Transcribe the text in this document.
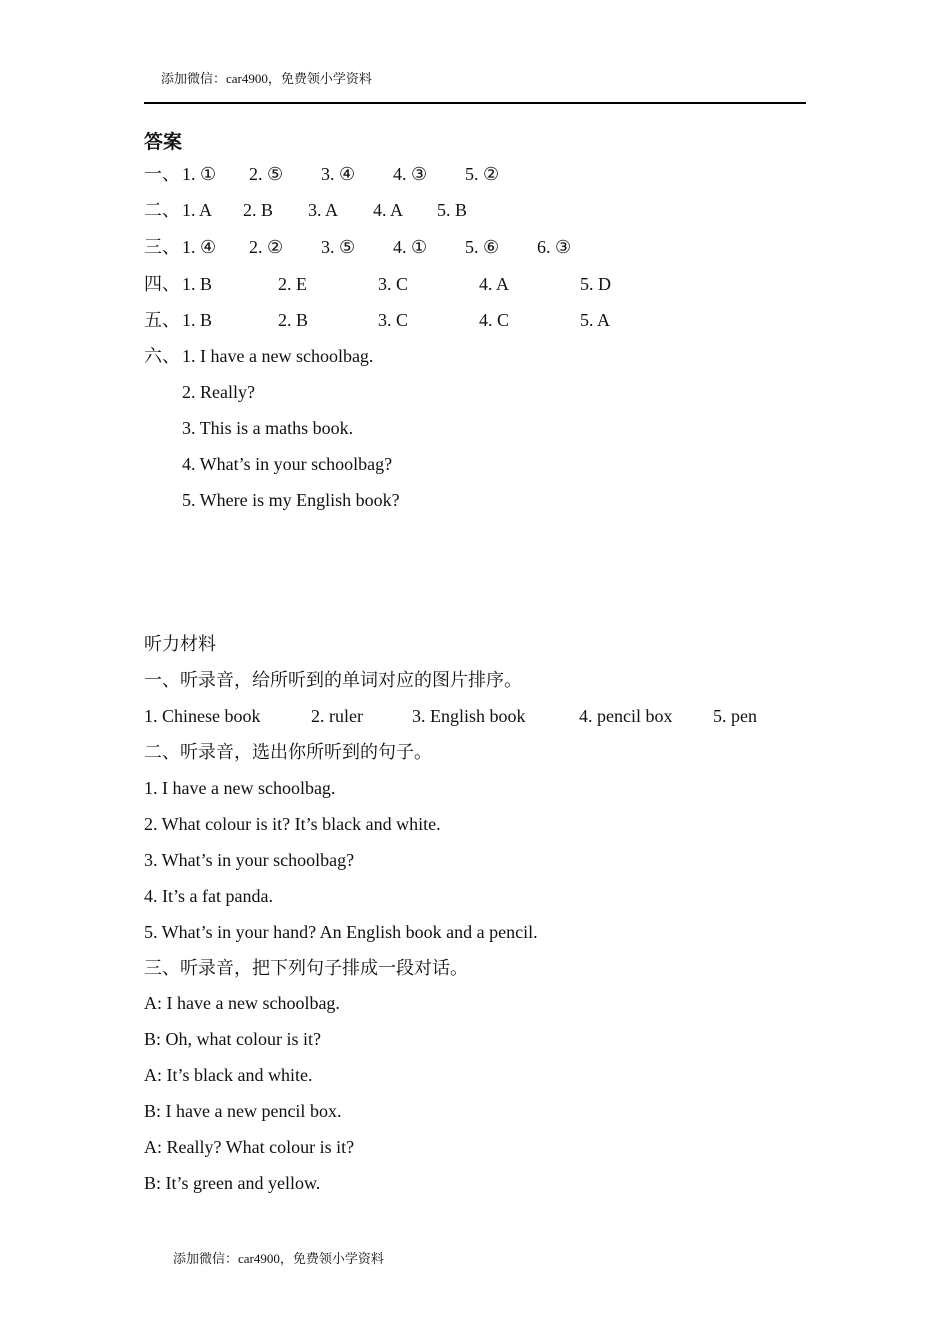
添加微信：car4900，免费领小学资料
答案
一、 1. ① 2. ⑤ 3. ④ 4. ③ 5. ②
二、 1. A 2. B 3. A 4. A 5. B
三、 1. ④ 2. ② 3. ⑤ 4. ① 5. ⑥ 6. ③
四、 1. B	2. E	3. C	4. A	5. D
五、 1. B	2. B	3. C	4. C	5. A
六、 1. I have a new schoolbag.
2. Really?
3. This is a maths book.
4. What’s in your schoolbag?
5. Where is my English book?
听力材料
一、听录音，给所听到的单词对应的图片排序。
1. Chinese book	2. ruler	3. English book	4. pencil box 5. pen
二、听录音，选出你所听到的句子。
1. I have a new schoolbag.
2. What colour is it? It’s black and white.
3. What’s in your schoolbag?
4. It’s a fat panda.
5. What’s in your hand? An English book and a pencil.
三、听录音，把下列句子排成一段对话。
A: I have a new schoolbag.
B: Oh, what colour is it?
A: It’s black and white.
B: I have a new pencil box.
A: Really? What colour is it?
B: It’s green and yellow.
添加微信：car4900，免费领小学资料
